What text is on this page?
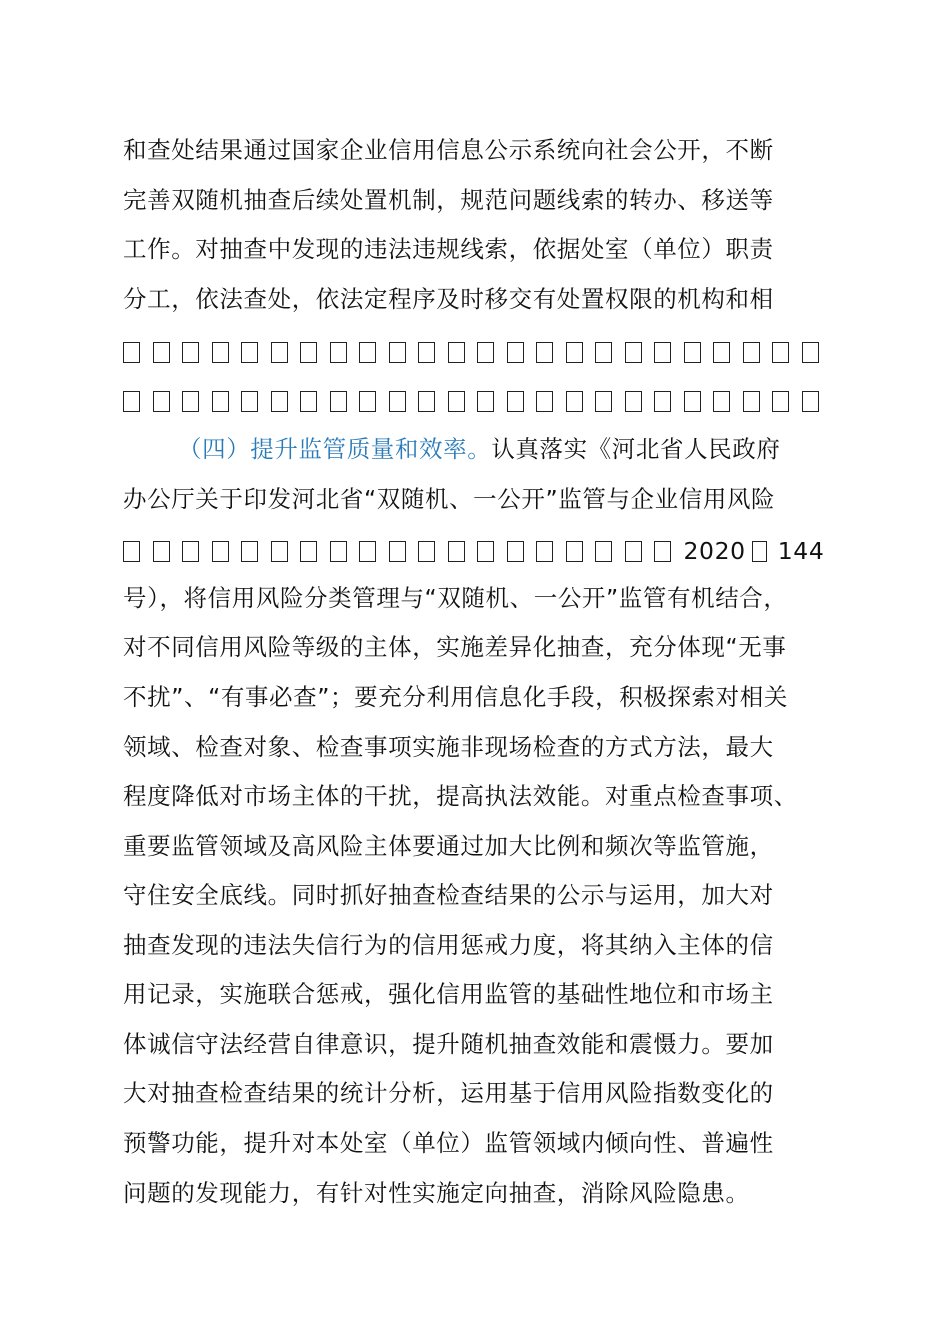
和查处结果通过国家企业信用信息公示系统向社会公开，不断
完善双随机抽查后续处置机制，规范问题线索的转办、移送等
工作。对抽查中发现的违法违规线索，依据处室（单位）职责
分工，依法查处，依法定程序及时移交有处置权限的机构和相
（四）提升监管质量和效率。认真落实《河北省人民政府
办公厅关于印发河北省“双随机、一公开”监管与企业信用风险
2020 144
号），将信用风险分类管理与“双随机、一公开”监管有机结合，
对不同信用风险等级的主体，实施差异化抽查，充分体现“无事
不扰”、“有事必查”；要充分利用信息化手段，积极探索对相关
领域、检查对象、检查事项实施非现场检查的方式方法，最大
程度降低对市场主体的干扰，提高执法效能。对重点检查事项、
重要监管领域及高风险主体要通过加大比例和频次等监管施，
守住安全底线。同时抓好抽查检查结果的公示与运用，加大对
抽查发现的违法失信行为的信用惩戒力度，将其纳入主体的信
用记录，实施联合惩戒，强化信用监管的基础性地位和市场主
体诚信守法经营自律意识，提升随机抽查效能和震慑力。要加
大对抽查检查结果的统计分析，运用基于信用风险指数变化的
预警功能，提升对本处室（单位）监管领域内倾向性、普遍性
问题的发现能力，有针对性实施定向抽查，消除风险隐患。
